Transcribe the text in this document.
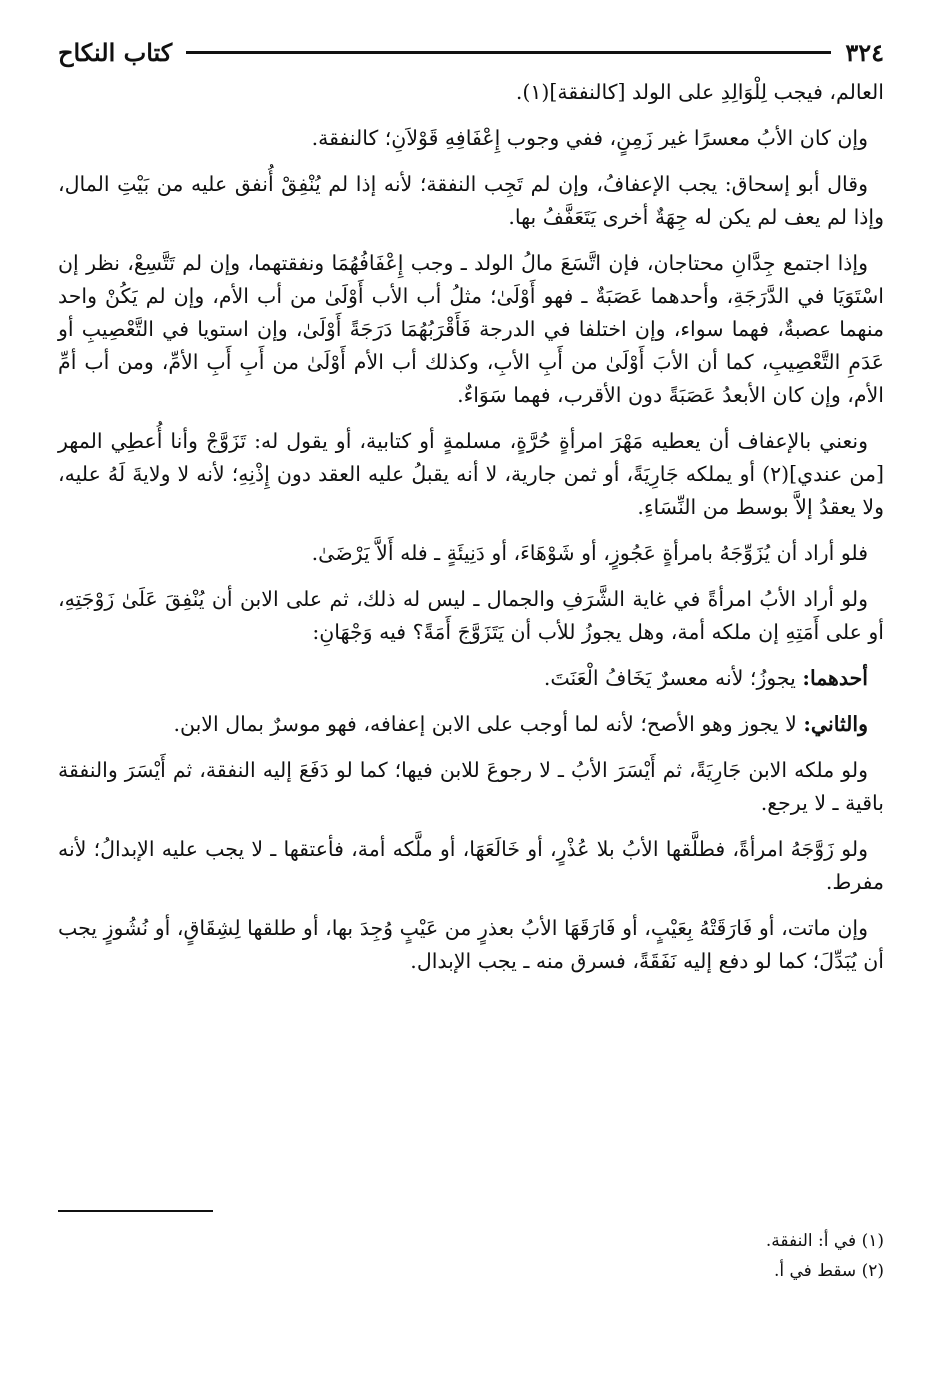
٣٢٤
كتاب النكاح

العالم، فيجب لِلْوَالِدِ على الولد [كالنفقة](١).

وإن كان الأبُ معسرًا غير زَمِنٍ، ففي وجوب إِعْفَافِهِ قَوْلاَنِ؛ كالنفقة.

وقال أبو إسحاق: يجب الإعفافُ، وإن لم تَجِب النفقة؛ لأنه إذا لم يُنْفِقْ أُنفق عليه من بَيْتِ المال، وإذا لم يعف لم يكن له جِهَةٌ أخرى يَتَعَفَّفُ بها.

وإذا اجتمع جِدَّانِ محتاجان، فإن اتَّسَعَ مالُ الولد ـ وجب إِعْفَافُهُمَا ونفقتهما، وإن لم تَتَّسِعْ، نظر إن اسْتَوَيَا في الدَّرَجَةِ، وأحدهما عَصَبَةٌ ـ فهو أَوْلَىٰ؛ مثلُ أب الأب أَوْلَىٰ من أب الأم، وإن لم يَكُنْ واحد منهما عصبةٌ، فهما سواء، وإن اختلفا في الدرجة فَأَقْرَبُهُمَا دَرَجَةً أَوْلَىٰ، وإن استويا في التَّعْصِيبِ أو عَدَمِ التَّعْصِيبِ، كما أن الأبَ أَوْلَىٰ من أَبِ الأبِ، وكذلك أب الأم أَوْلَىٰ من أَبِ أَبِ الأمِّ، ومن أب أمِّ الأم، وإن كان الأبعدُ عَصَبَةً دون الأقرب، فهما سَوَاءٌ.

ونعني بالإعفاف أن يعطيه مَهْرَ امرأةٍ حُرَّةٍ، مسلمةٍ أو كتابية، أو يقول له: تَزَوَّجْ وأنا أُعطِي المهر [من عندي](٢) أو يملكه جَارِيَةً، أو ثمن جارية، لا أنه يقبلُ عليه العقد دون إِذْنِهِ؛ لأنه لا ولايةَ لَهُ عليه، ولا يعقدُ إلاَّ بوسط من النِّسَاءِ.

فلو أراد أن يُزَوِّجَهُ بامرأةٍ عَجُوزٍ، أو شَوْهَاءَ، أو دَنِيئَةٍ ـ فله أَلاَّ يَرْضَىٰ.

ولو أراد الأبُ امرأةً في غاية الشَّرَفِ والجمال ـ ليس له ذلك، ثم على الابن أن يُنْفِقَ عَلَىٰ زَوْجَتِهِ، أو على أَمَتِهِ إن ملكه أمة، وهل يجوزُ للأب أن يَتَزَوَّجَ أَمَةً؟ فيه وَجْهَانِ:

أحدهما: يجوزُ؛ لأنه معسرٌ يَخَافُ الْعَنَتَ.

والثاني: لا يجوز وهو الأصح؛ لأنه لما أوجب على الابن إعفافه، فهو موسرٌ بمال الابن.

ولو ملكه الابن جَارِيَةً، ثم أَيْسَرَ الأبُ ـ لا رجوعَ للابن فيها؛ كما لو دَفَعَ إليه النفقة، ثم أَيْسَرَ والنفقة باقية ـ لا يرجع.

ولو زَوَّجَهُ امرأةً، فطلَّقها الأبُ بلا عُذْرٍ، أو خَالَعَهَا، أو ملَّكه أمة، فأعتقها ـ لا يجب عليه الإبدالُ؛ لأنه مفرط.

وإن ماتت، أو فَارَقَتْهُ بِعَيْبٍ، أو فَارَقَهَا الأبُ بعذرٍ من عَيْبٍ وُجِدَ بها، أو طلقها لِشِقَاقٍ، أو نُشُوزٍ يجب أن يُبَدِّلَ؛ كما لو دفع إليه نَفَقَةً، فسرق منه ـ يجب الإبدال.

(١) في أ: النفقة.
(٢) سقط في أ.
